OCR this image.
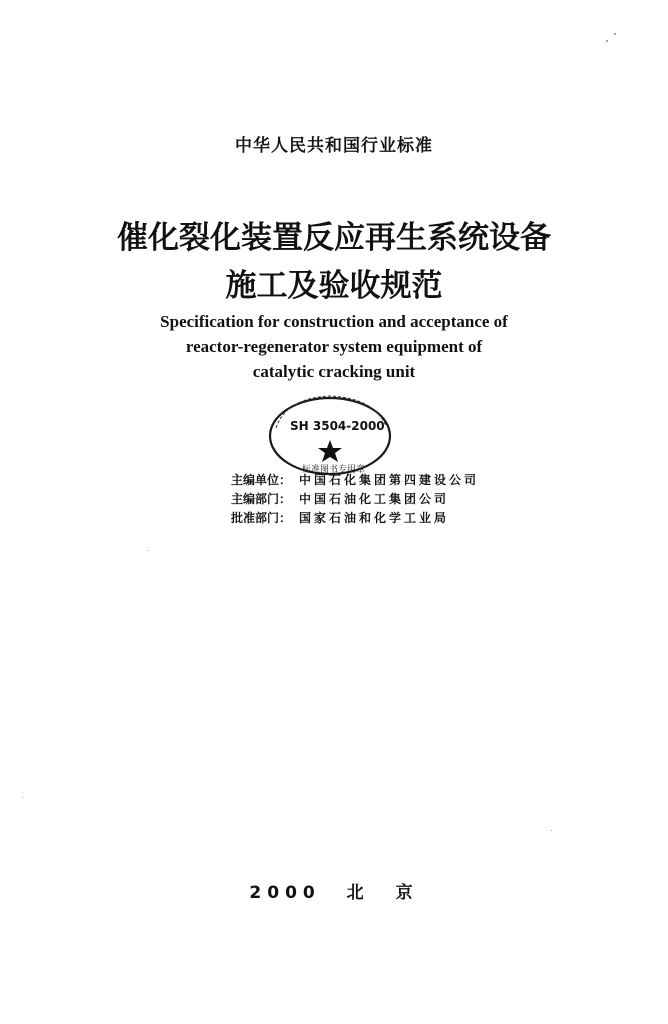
中华人民共和国行业标准
催化裂化装置反应再生系统设备
施工及验收规范
Specification for construction and acceptance of
reactor-regenerator system equipment of
catalytic cracking unit
SH 3504-2000
标准图书专用章
主编单位： 中国石化集团第四建设公司
主编部门： 中国石油化工集团公司
批准部门： 国家石油和化学工业局
2000 北 京
